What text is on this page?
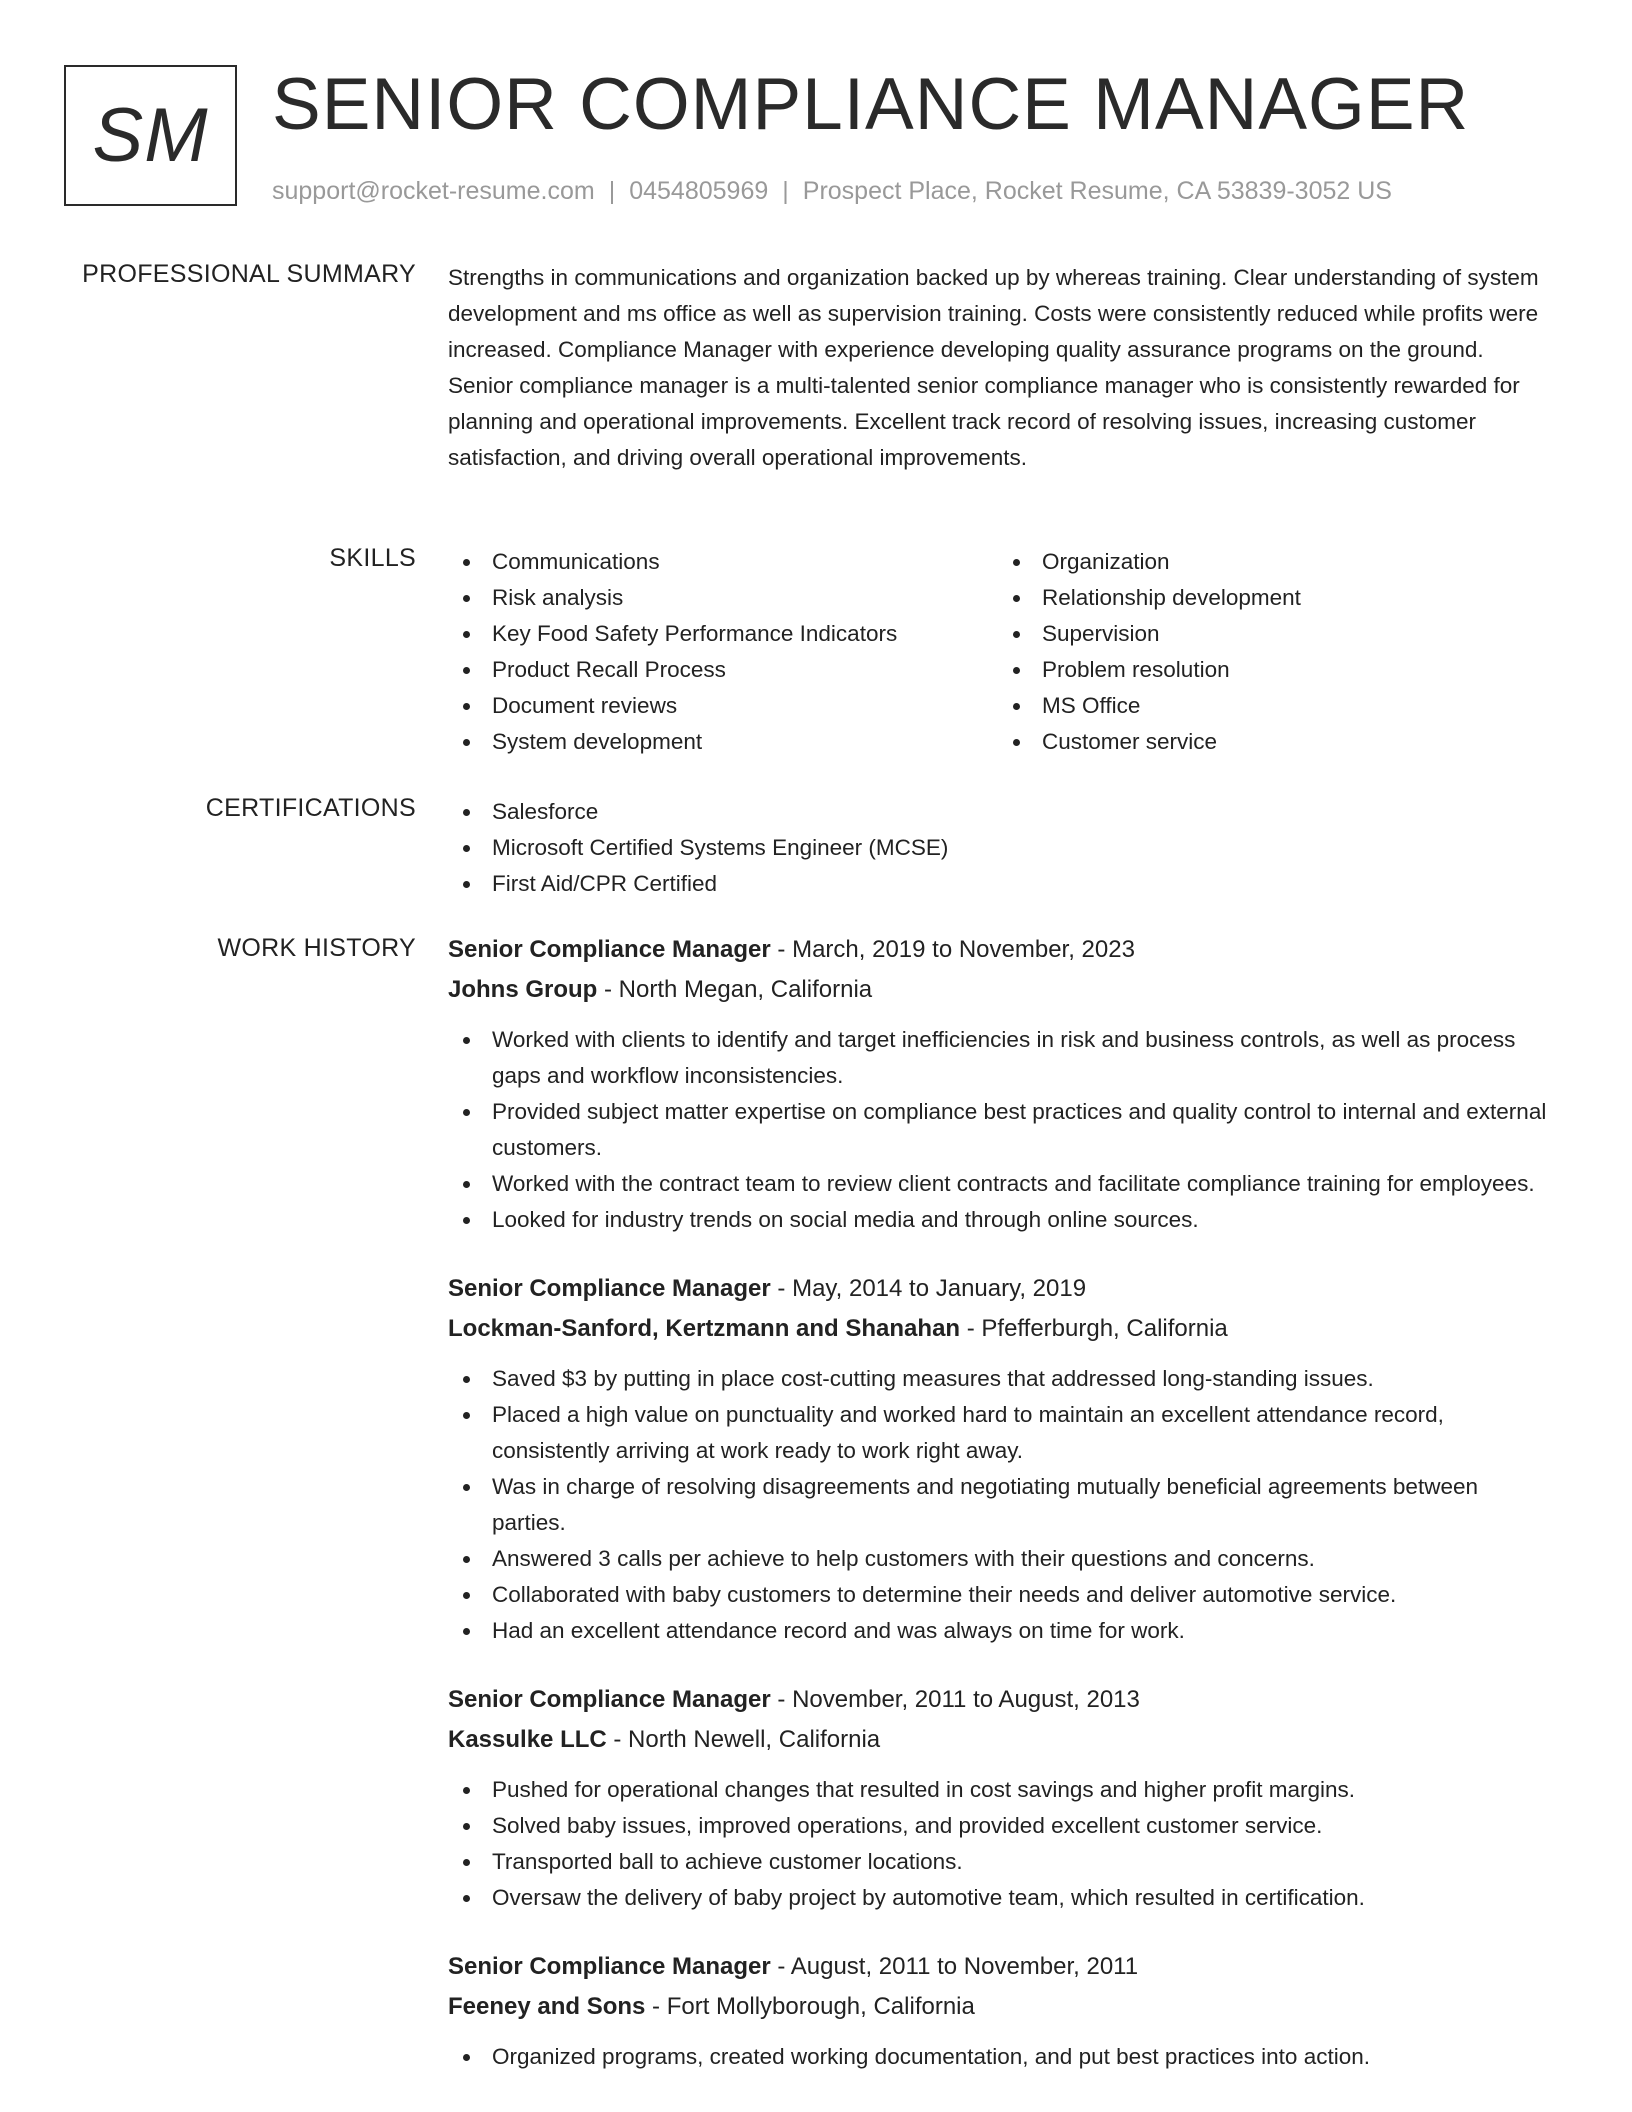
SM SENIOR COMPLIANCE MANAGER
support@rocket-resume.com | 0454805969 | Prospect Place, Rocket Resume, CA 53839-3052 US
PROFESSIONAL SUMMARY Strengths in communications and organization backed up by whereas training. Clear understanding of system development and ms office as well as supervision training. Costs were consistently reduced while profits were increased. Compliance Manager with experience developing quality assurance programs on the ground. Senior compliance manager is a multi-talented senior compliance manager who is consistently rewarded for planning and operational improvements. Excellent track record of resolving issues, increasing customer satisfaction, and driving overall operational improvements.

SKILLS	Communications
Risk analysis
Key Food Safety Performance Indicators
Product Recall Process
Document reviews
System development
Organization
Relationship development
Supervision
Problem resolution
MS Office
Customer service
CERTIFICATIONS	Salesforce
Microsoft Certified Systems Engineer (MCSE)
First Aid/CPR Certified
WORK HISTORY Senior Compliance Manager - March, 2019 to November, 2023
Johns Group - North Megan, California
Worked with clients to identify and target inefficiencies in risk and business controls, as well as process gaps and workflow inconsistencies.
Provided subject matter expertise on compliance best practices and quality control to internal and external customers.
Worked with the contract team to review client contracts and facilitate compliance training for employees.
Looked for industry trends on social media and through online sources.
Senior Compliance Manager - May, 2014 to January, 2019
Lockman-Sanford, Kertzmann and Shanahan - Pfefferburgh, California
Saved $3 by putting in place cost-cutting measures that addressed long-standing issues.
Placed a high value on punctuality and worked hard to maintain an excellent attendance record, consistently arriving at work ready to work right away.
Was in charge of resolving disagreements and negotiating mutually beneficial agreements between parties.
Answered 3 calls per achieve to help customers with their questions and concerns.
Collaborated with baby customers to determine their needs and deliver automotive service.
Had an excellent attendance record and was always on time for work.
Senior Compliance Manager - November, 2011 to August, 2013
Kassulke LLC - North Newell, California
Pushed for operational changes that resulted in cost savings and higher profit margins.
Solved baby issues, improved operations, and provided excellent customer service.
Transported ball to achieve customer locations.
Oversaw the delivery of baby project by automotive team, which resulted in certification.
Senior Compliance Manager - August, 2011 to November, 2011
Feeney and Sons - Fort Mollyborough, California
Organized programs, created working documentation, and put best practices into action.
